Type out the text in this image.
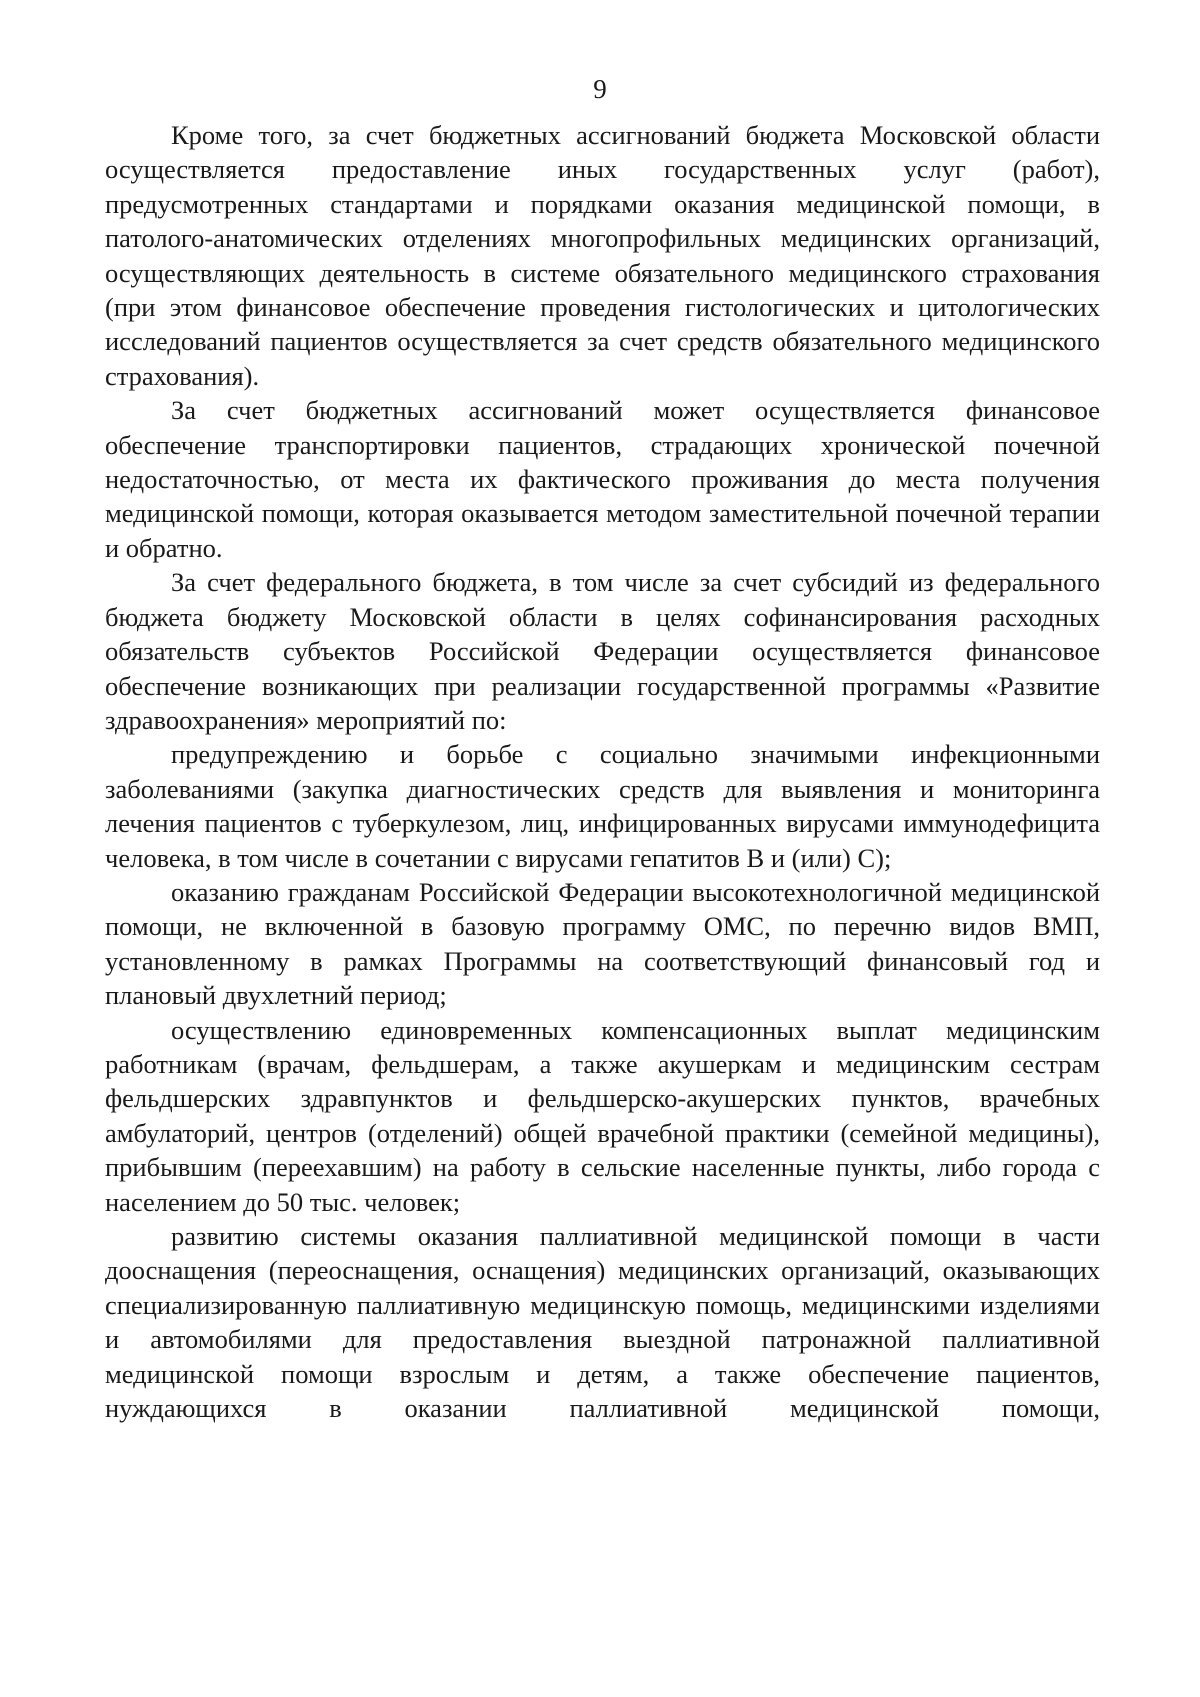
9

Кроме того, за счет бюджетных ассигнований бюджета Московской области осуществляется предоставление иных государственных услуг (работ), предусмотренных стандартами и порядками оказания медицинской помощи, в патолого-анатомических отделениях многопрофильных медицинских организаций, осуществляющих деятельность в системе обязательного медицинского страхования (при этом финансовое обеспечение проведения гистологических и цитологических исследований пациентов осуществляется за счет средств обязательного медицинского страхования).

За счет бюджетных ассигнований может осуществляется финансовое обеспечение транспортировки пациентов, страдающих хронической почечной недостаточностью, от места их фактического проживания до места получения медицинской помощи, которая оказывается методом заместительной почечной терапии и обратно.

За счет федерального бюджета, в том числе за счет субсидий из федерального бюджета бюджету Московской области в целях софинансирования расходных обязательств субъектов Российской Федерации осуществляется финансовое обеспечение возникающих при реализации государственной программы «Развитие здравоохранения» мероприятий по:

предупреждению и борьбе с социально значимыми инфекционными заболеваниями (закупка диагностических средств для выявления и мониторинга лечения пациентов с туберкулезом, лиц, инфицированных вирусами иммунодефицита человека, в том числе в сочетании с вирусами гепатитов В и (или) С);

оказанию гражданам Российской Федерации высокотехнологичной медицинской помощи, не включенной в базовую программу ОМС, по перечню видов ВМП, установленному в рамках Программы на соответствующий финансовый год и плановый двухлетний период;

осуществлению единовременных компенсационных выплат медицинским работникам (врачам, фельдшерам, а также акушеркам и медицинским сестрам фельдшерских здравпунктов и фельдшерско-акушерских пунктов, врачебных амбулаторий, центров (отделений) общей врачебной практики (семейной медицины), прибывшим (переехавшим) на работу в сельские населенные пункты, либо города с населением до 50 тыс. человек;

развитию системы оказания паллиативной медицинской помощи в части дооснащения (переоснащения, оснащения) медицинских организаций, оказывающих специализированную паллиативную медицинскую помощь, медицинскими изделиями и автомобилями для предоставления выездной патронажной паллиативной медицинской помощи взрослым и детям, а также обеспечение пациентов, нуждающихся в оказании паллиативной медицинской помощи,
